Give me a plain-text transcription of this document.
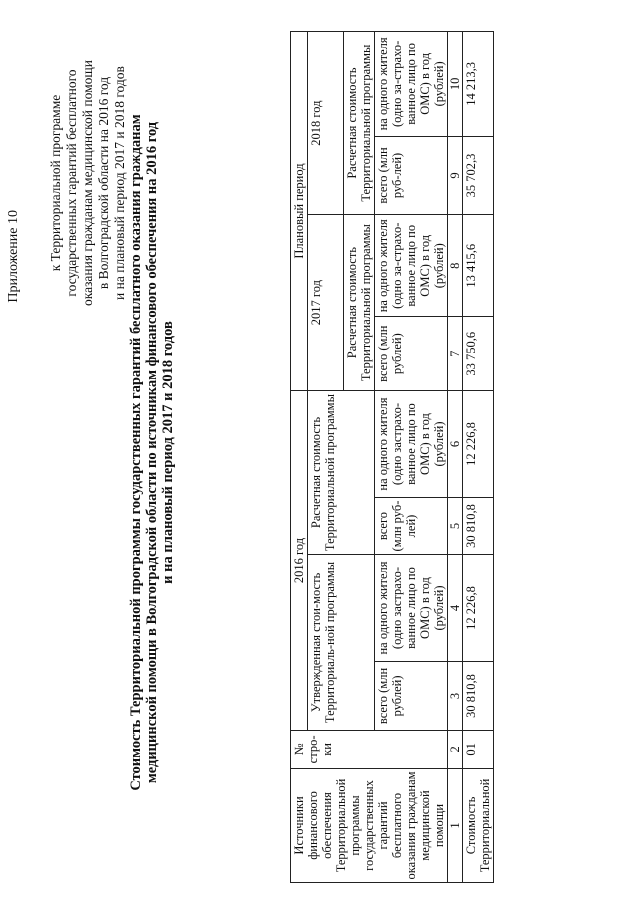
Приложение 10 к Территориальной программе государственных гарантий бесплатного оказания гражданам медицинской помощи в Волгоградской области на 2016 год и на плановый период 2017 и 2018 годов Стоимость Территориальной программы государственных гарантий бесплатного оказания гражданам медицинской помощи в Волгоградской области по источникам финансового обеспечения на 2016 год и на плановый период 2017 и 2018 годов
Источники финансового обеспечения Территориальной программы государственных гарантий бесплатного оказания гражданам медицинской помощи	№ стро-ки	2016 год				Плановый период			
		Утвержденная стои-мость Территориаль-ной программы		Расчетная стоимость Территориальной программы		2017 год		2018 год	
						Расчетная стоимость Территориальной программы		Расчетная стоимость Территориальной программы	
		всего (млн рублей)	на одного жителя (одно застрахо-ванное лицо по ОМС) в год (рублей)	всего (млн руб-лей)	на одного жителя (одно застрахо-ванное лицо по ОМС) в год (рублей)	всего (млн рублей)	на одного жителя (одно за-страхо-ванное лицо по ОМС) в год (рублей)	всего (млн руб-лей)	на одного жителя (одно за-страхо-ванное лицо по ОМС) в год (рублей)
1	2	3	4	5	6	7	8	9	10
Стоимость Территориальной	01	30 810,8	12 226,8	30 810,8	12 226,8	33 750,6	13 415,6	35 702,3	14 213,3
